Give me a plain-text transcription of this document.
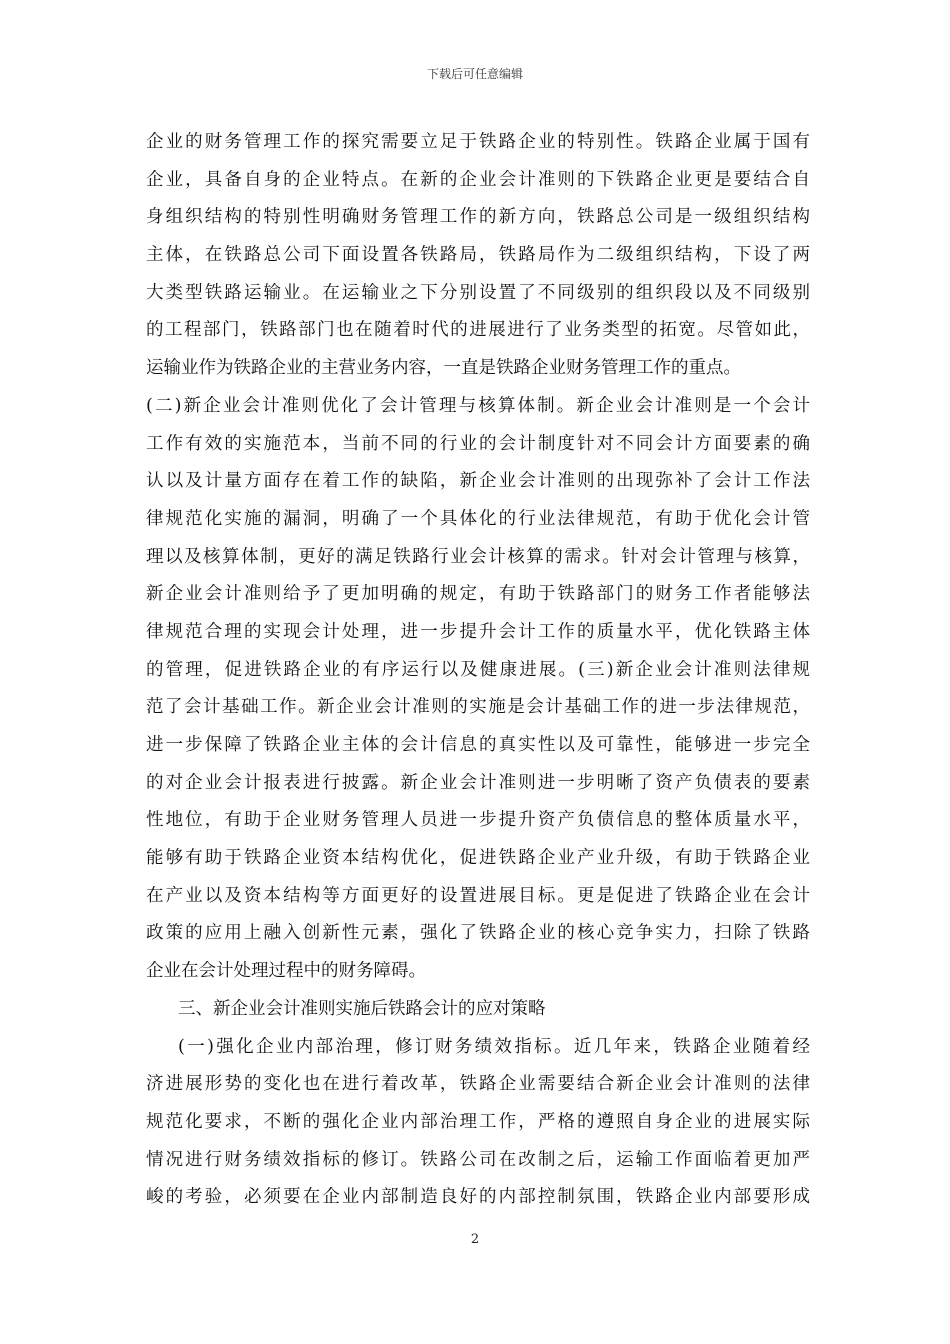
下载后可任意编辑
企业的财务管理工作的探究需要立足于铁路企业的特别性。铁路企业属于国有
企业，具备自身的企业特点。在新的企业会计准则的下铁路企业更是要结合自
身组织结构的特别性明确财务管理工作的新方向，铁路总公司是一级组织结构
主体，在铁路总公司下面设置各铁路局，铁路局作为二级组织结构，下设了两
大类型铁路运输业。在运输业之下分别设置了不同级别的组织段以及不同级别
的工程部门，铁路部门也在随着时代的进展进行了业务类型的拓宽。尽管如此，
运输业作为铁路企业的主营业务内容，一直是铁路企业财务管理工作的重点。
(二)新企业会计准则优化了会计管理与核算体制。新企业会计准则是一个会计
工作有效的实施范本，当前不同的行业的会计制度针对不同会计方面要素的确
认以及计量方面存在着工作的缺陷，新企业会计准则的出现弥补了会计工作法
律规范化实施的漏洞，明确了一个具体化的行业法律规范，有助于优化会计管
理以及核算体制，更好的满足铁路行业会计核算的需求。针对会计管理与核算，
新企业会计准则给予了更加明确的规定，有助于铁路部门的财务工作者能够法
律规范合理的实现会计处理，进一步提升会计工作的质量水平，优化铁路主体
的管理，促进铁路企业的有序运行以及健康进展。(三)新企业会计准则法律规
范了会计基础工作。新企业会计准则的实施是会计基础工作的进一步法律规范，
进一步保障了铁路企业主体的会计信息的真实性以及可靠性，能够进一步完全
的对企业会计报表进行披露。新企业会计准则进一步明晰了资产负债表的要素
性地位，有助于企业财务管理人员进一步提升资产负债信息的整体质量水平，
能够有助于铁路企业资本结构优化，促进铁路企业产业升级，有助于铁路企业
在产业以及资本结构等方面更好的设置进展目标。更是促进了铁路企业在会计
政策的应用上融入创新性元素，强化了铁路企业的核心竞争实力，扫除了铁路
企业在会计处理过程中的财务障碍。
三、新企业会计准则实施后铁路会计的应对策略
(一)强化企业内部治理，修订财务绩效指标。近几年来，铁路企业随着经
济进展形势的变化也在进行着改革，铁路企业需要结合新企业会计准则的法律
规范化要求，不断的强化企业内部治理工作，严格的遵照自身企业的进展实际
情况进行财务绩效指标的修订。铁路公司在改制之后，运输工作面临着更加严
峻的考验，必须要在企业内部制造良好的内部控制氛围，铁路企业内部要形成
2
